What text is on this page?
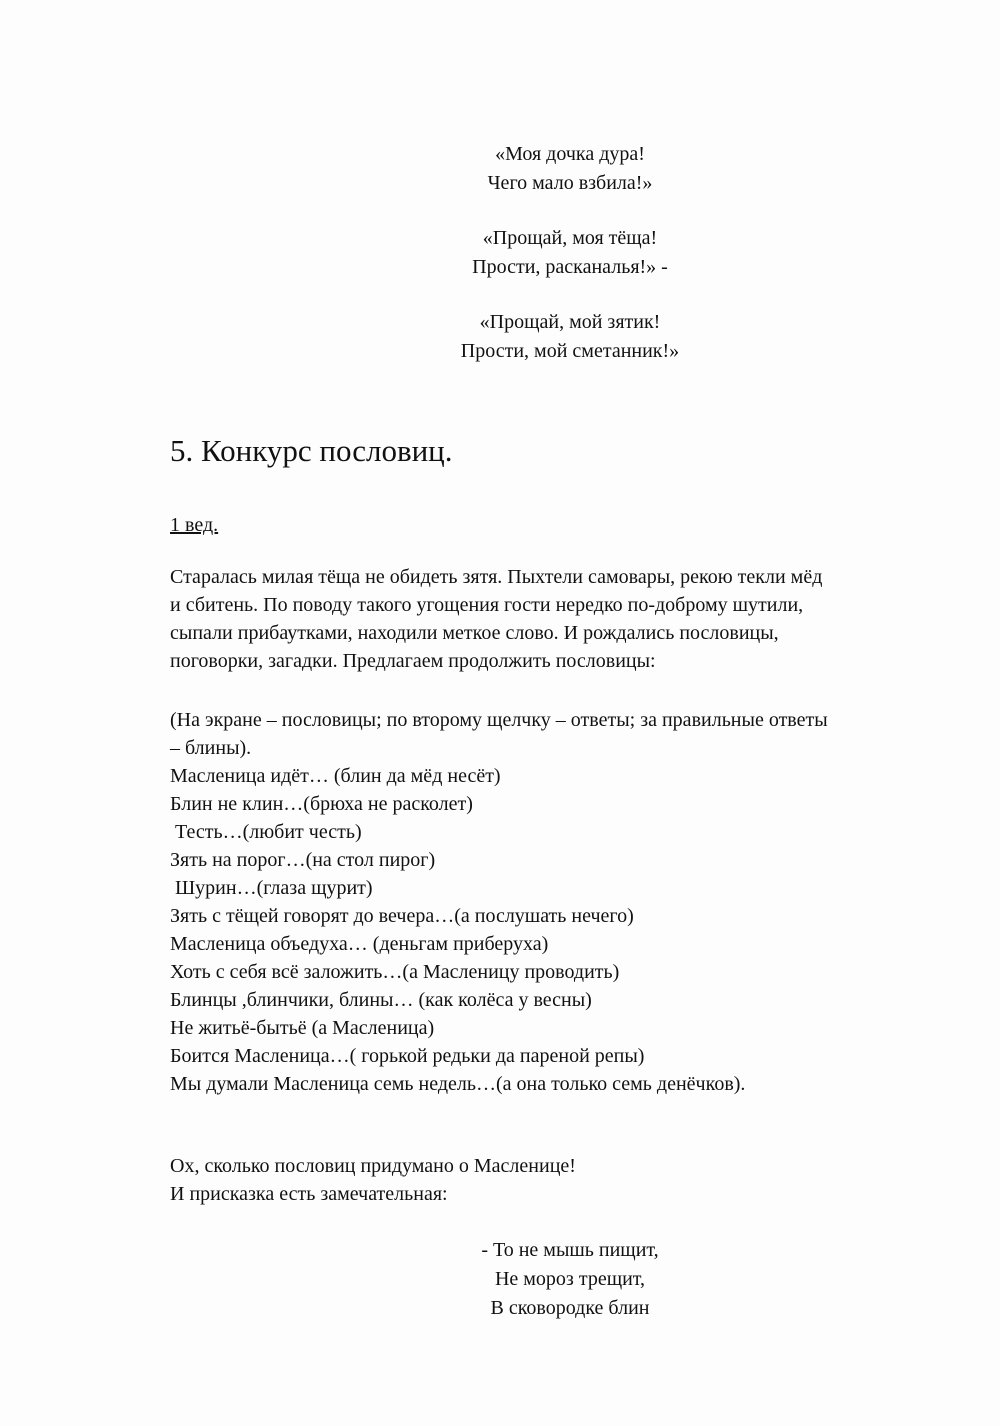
«Моя дочка дура!
Чего мало взбила!»
«Прощай, моя тёща!
Прости, расканалья!» -
«Прощай, мой зятик!
Прости, мой сметанник!»
5. Конкурс пословиц.
1 вед.
Старалась милая тёща не обидеть зятя. Пыхтели самовары, рекою текли мёд
и сбитень. По поводу такого угощения гости нередко по-доброму шутили,
сыпали прибаутками, находили меткое слово. И рождались пословицы,
поговорки, загадки. Предлагаем продолжить пословицы:
(На экране – пословицы; по второму щелчку – ответы; за правильные ответы
– блины).
Масленица идёт… (блин да мёд несёт)
Блин не клин…(брюха не расколет)
Тесть…(любит честь)
Зять на порог…(на стол пирог)
Шурин…(глаза щурит)
Зять с тёщей говорят до вечера…(а послушать нечего)
Масленица объедуха… (деньгам приберуха)
Хоть с себя всё заложить…(а Масленицу проводить)
Блинцы ,блинчики, блины… (как колёса у весны)
Не житьё-бытьё (а Масленица)
Боится Масленица…( горькой редьки да пареной репы)
Мы думали Масленица семь недель…(а она только семь денёчков).
Ох, сколько пословиц придумано о Масленице!
И присказка есть замечательная:
- То не мышь пищит,
Не мороз трещит,
В сковородке блин
